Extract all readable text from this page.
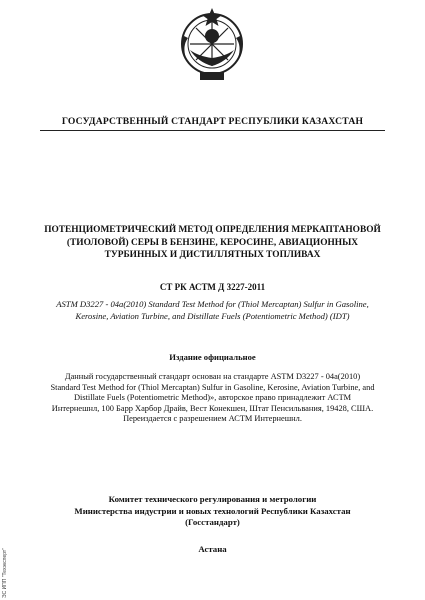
ГОСУДАРСТВЕННЫЙ СТАНДАРТ РЕСПУБЛИКИ КАЗАХСТАН
ПОТЕНЦИОМЕТРИЧЕСКИЙ МЕТОД ОПРЕДЕЛЕНИЯ МЕРКАПТАНОВОЙ
(ТИОЛОВОЙ) СЕРЫ В БЕНЗИНЕ, КЕРОСИНЕ, АВИАЦИОННЫХ
ТУРБИННЫХ И ДИСТИЛЛЯТНЫХ ТОПЛИВАХ
СТ РК АСТМ Д 3227-2011
ASTM D3227 - 04a(2010) Standard Test Method for (Thiol Mercaptan) Sulfur in Gasoline,
Kerosine, Aviation Turbine, and Distillate Fuels (Potentiometric Method) (IDT)
Издание официальное
Данный государственный стандарт основан на стандарте ASTM D3227 - 04a(2010)
Standard Test Method for (Thiol Mercaptan) Sulfur in Gasoline, Kerosine, Aviation Turbine, and
Distillate Fuels (Potentiometric Method)», авторское право принадлежит АСТМ
Интернешнл, 100 Барр Харбор Драйв, Вест Конекшен, Штат Пенсильвания, 19428, США.
Переиздается с разрешением АСТМ Интернешнл.
Комитет технического регулирования и метрологии
Министерства индустрии и новых технологий Республики Казахстан
(Госстандарт)
Астана
ЭС ИПП "Техэксперт"
